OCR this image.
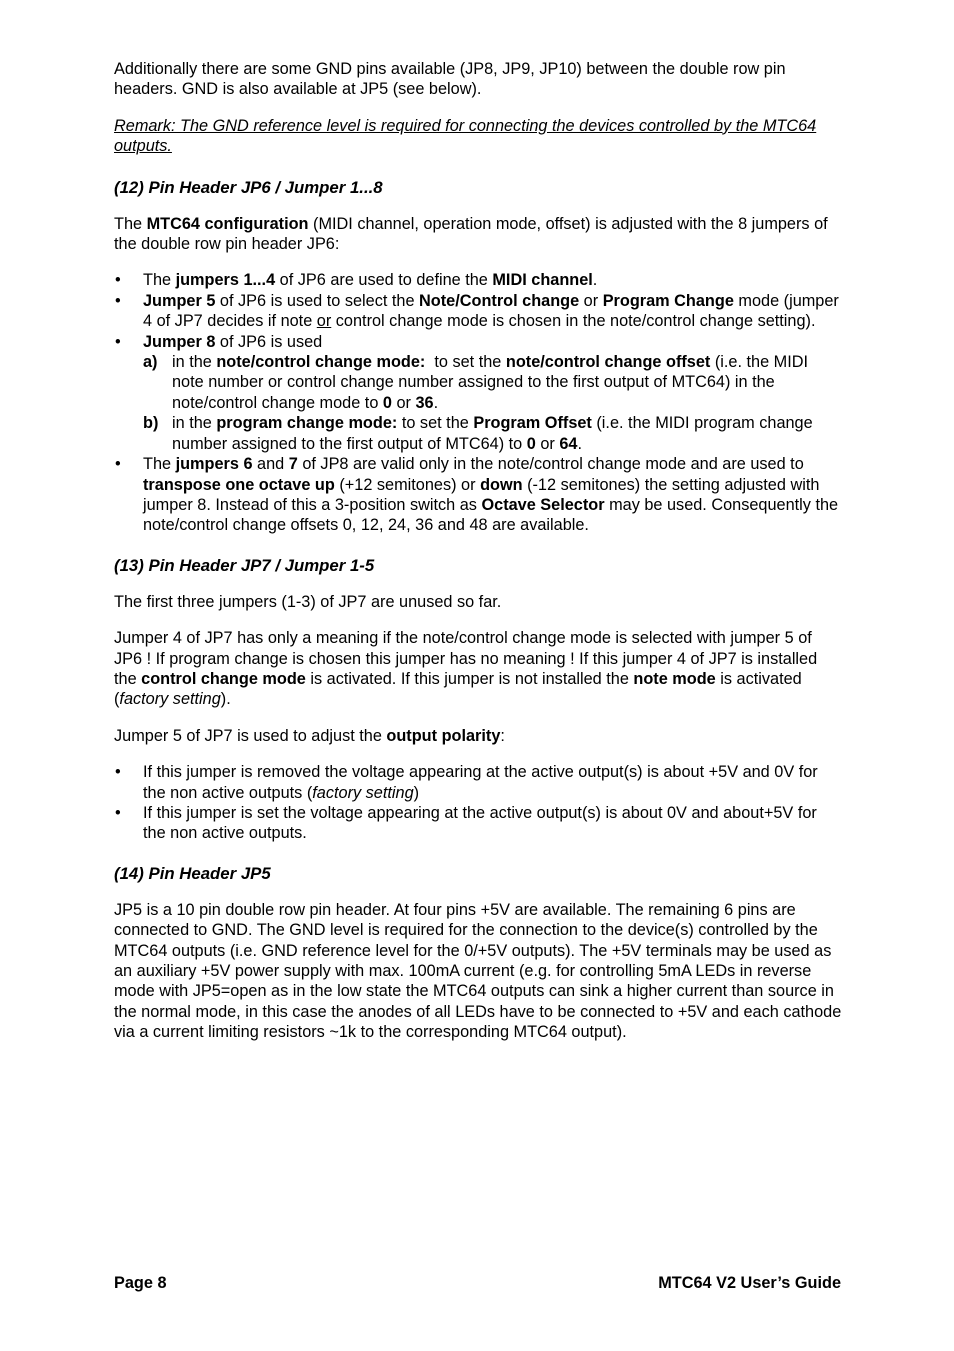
Additionally there are some GND pins available (JP8, JP9, JP10) between the double row pin headers. GND is also available at JP5 (see below).

Remark: The GND reference level is required for connecting the devices controlled by the MTC64 outputs.

(12) Pin Header JP6 / Jumper 1...8

The MTC64 configuration (MIDI channel, operation mode, offset) is adjusted with the 8 jumpers of the double row pin header JP6:

• The jumpers 1...4 of JP6 are used to define the MIDI channel.
• Jumper 5 of JP6 is used to select the Note/Control change or Program Change mode (jumper 4 of JP7 decides if note or control change mode is chosen in the note/control change setting).
• Jumper 8 of JP6 is used
a) in the note/control change mode:  to set the note/control change offset (i.e. the MIDI note number or control change number assigned to the first output of MTC64) in the note/control change mode to 0 or 36.
b) in the program change mode: to set the Program Offset (i.e. the MIDI program change number assigned to the first output of MTC64) to 0 or 64.
• The jumpers 6 and 7 of JP8 are valid only in the note/control change mode and are used to transpose one octave up (+12 semitones) or down (-12 semitones) the setting adjusted with jumper 8. Instead of this a 3-position switch as Octave Selector may be used. Consequently the note/control change offsets 0, 12, 24, 36 and 48 are available.
(13) Pin Header JP7 / Jumper 1-5

The first three jumpers (1-3) of JP7 are unused so far.

Jumper 4 of JP7 has only a meaning if the note/control change mode is selected with jumper 5 of JP6 ! If program change is chosen this jumper has no meaning ! If this jumper 4 of JP7 is installed the control change mode is activated. If this jumper is not installed the note mode is activated (factory setting).

Jumper 5 of JP7 is used to adjust the output polarity:

• If this jumper is removed the voltage appearing at the active output(s) is about +5V and 0V for the non active outputs (factory setting)
• If this jumper is set the voltage appearing at the active output(s) is about 0V and about+5V for the non active outputs.
(14) Pin Header JP5

JP5 is a 10 pin double row pin header. At four pins +5V are available. The remaining 6 pins are connected to GND. The GND level is required for the connection to the device(s) controlled by the MTC64 outputs (i.e. GND reference level for the 0/+5V outputs). The +5V terminals may be used as an auxiliary +5V power supply with max. 100mA current (e.g. for controlling 5mA LEDs in reverse mode with JP5=open as in the low state the MTC64 outputs can sink a higher current than source in the normal mode, in this case the anodes of all LEDs have to be connected to +5V and each cathode via a current limiting resistors ~1k to the corresponding MTC64 output).

Page 8	MTC64 V2 User’s Guide
